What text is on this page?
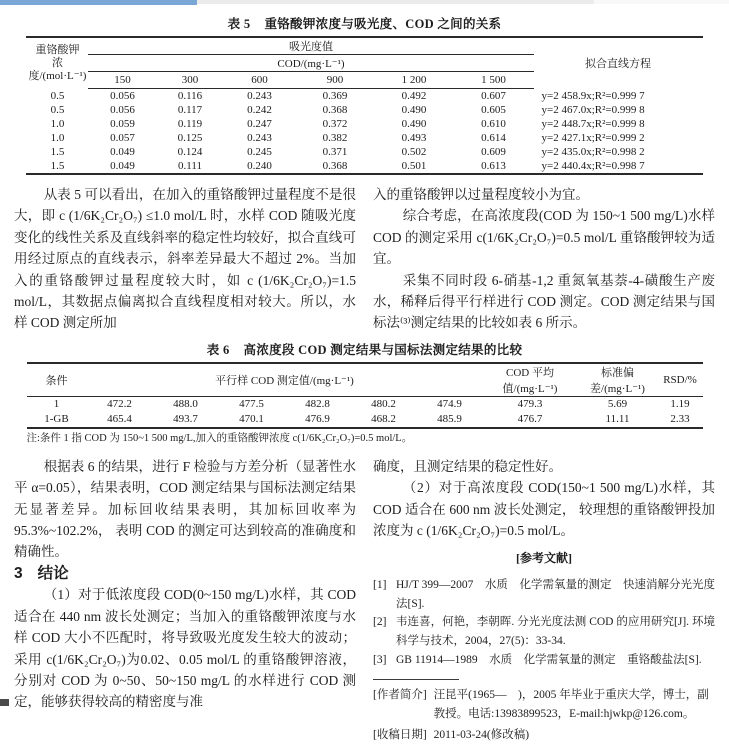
表 5 重铬酸钾浓度与吸光度、COD 之间的关系
重铬酸钾
浓度/(mol·L⁻¹)	吸光度值						拟合直线方程
	COD/(mg·L⁻¹)						
	150	300	600	900	1 200	1 500	
0.5	0.056	0.116	0.243	0.369	0.492	0.607	y=2 458.9x;R²=0.999 7
0.5	0.056	0.117	0.242	0.368	0.490	0.605	y=2 467.0x;R²=0.999 8
1.0	0.059	0.119	0.247	0.372	0.490	0.610	y=2 448.7x;R²=0.999 8
1.0	0.057	0.125	0.243	0.382	0.493	0.614	y=2 427.1x;R²=0.999 2
1.5	0.049	0.124	0.245	0.371	0.502	0.609	y=2 435.0x;R²=0.998 2
1.5	0.049	0.111	0.240	0.368	0.501	0.613	y=2 440.4x;R²=0.998 7

从表 5 可以看出，在加入的重铬酸钾过量程度不是很大，即 c (1/6K₂Cr₂O₇) ≤1.0 mol/L 时，水样 COD 随吸光度变化的线性关系及直线斜率的稳定性均较好，拟合直线可用经过原点的直线表示，斜率差异最大不超过 2%。当加入的重铬酸钾过量程度较大时，如 c (1/6K₂Cr₂O₇)=1.5 mol/L，其数据点偏离拟合直线程度相对较大。所以，水样 COD 测定所加

入的重铬酸钾以过量程度较小为宜。

综合考虑，在高浓度段(COD 为 150~1 500 mg/L)水样 COD 的测定采用 c(1/6K₂Cr₂O₇)=0.5 mol/L 重铬酸钾较为适宜。

采集不同时段 6-硝基-1,2 重氮氧基萘-4-磺酸生产废水，稀释后得平行样进行 COD 测定。COD 测定结果与国标法⁽³⁾测定结果的比较如表 6 所示。

表 6 高浓度段 COD 测定结果与国标法测定结果的比较
条件	平行样 COD 测定值/(mg·L⁻¹)						COD 平均值/(mg·L⁻¹)	标准偏差/(mg·L⁻¹)	RSD/%
1	472.2	488.0	477.5	482.8	480.2	474.9	479.3	5.69	1.19
1-GB	465.4	493.7	470.1	476.9	468.2	485.9	476.7	11.11	2.33
注:条件 1 指 COD 为 150~1 500 mg/L,加入的重铬酸钾浓度 c(1/6K₂Cr₂O₇)=0.5 mol/L。

根据表 6 的结果，进行 F 检验与方差分析（显著性水平 α=0.05），结果表明，COD 测定结果与国标法测定结果无显著差异。加标回收结果表明，其加标回收率为 95.3%~102.2%， 表明 COD 的测定可达到较高的准确度和精确性。

3 结论

（1）对于低浓度段 COD(0~150 mg/L)水样，其 COD 适合在 440 nm 波长处测定；当加入的重铬酸钾浓度与水样 COD 大小不匹配时，将导致吸光度发生较大的波动；采用 c(1/6K₂Cr₂O₇)为0.02、0.05 mol/L 的重铬酸钾溶液，分别对 COD 为 0~50、50~150 mg/L 的水样进行 COD 测定，能够获得较高的精密度与准

确度，且测定结果的稳定性好。

（2）对于高浓度段 COD(150~1 500 mg/L)水样，其 COD 适合在 600 nm 波长处测定， 较理想的重铬酸钾投加浓度为 c (1/6K₂Cr₂O₇)=0.5 mol/L。

[参考文献]
[1] HJ/T 399—2007　水质　化学需氧量的测定　快速消解分光光度法[S].
[2] 韦连喜，何艳，李朝晖. 分光光度法测 COD 的应用研究[J]. 环境科学与技术，2004，27(5)：33-34.
[3] GB 11914—1989　水质　化学需氧量的测定　重铬酸盐法[S].
[作者简介] 汪昆平(1965—　)，2005 年毕业于重庆大学，博士，副教授。电话:13983899523，E-mail:hjwkp@126.com。
[收稿日期] 2011-03-24(修改稿)
